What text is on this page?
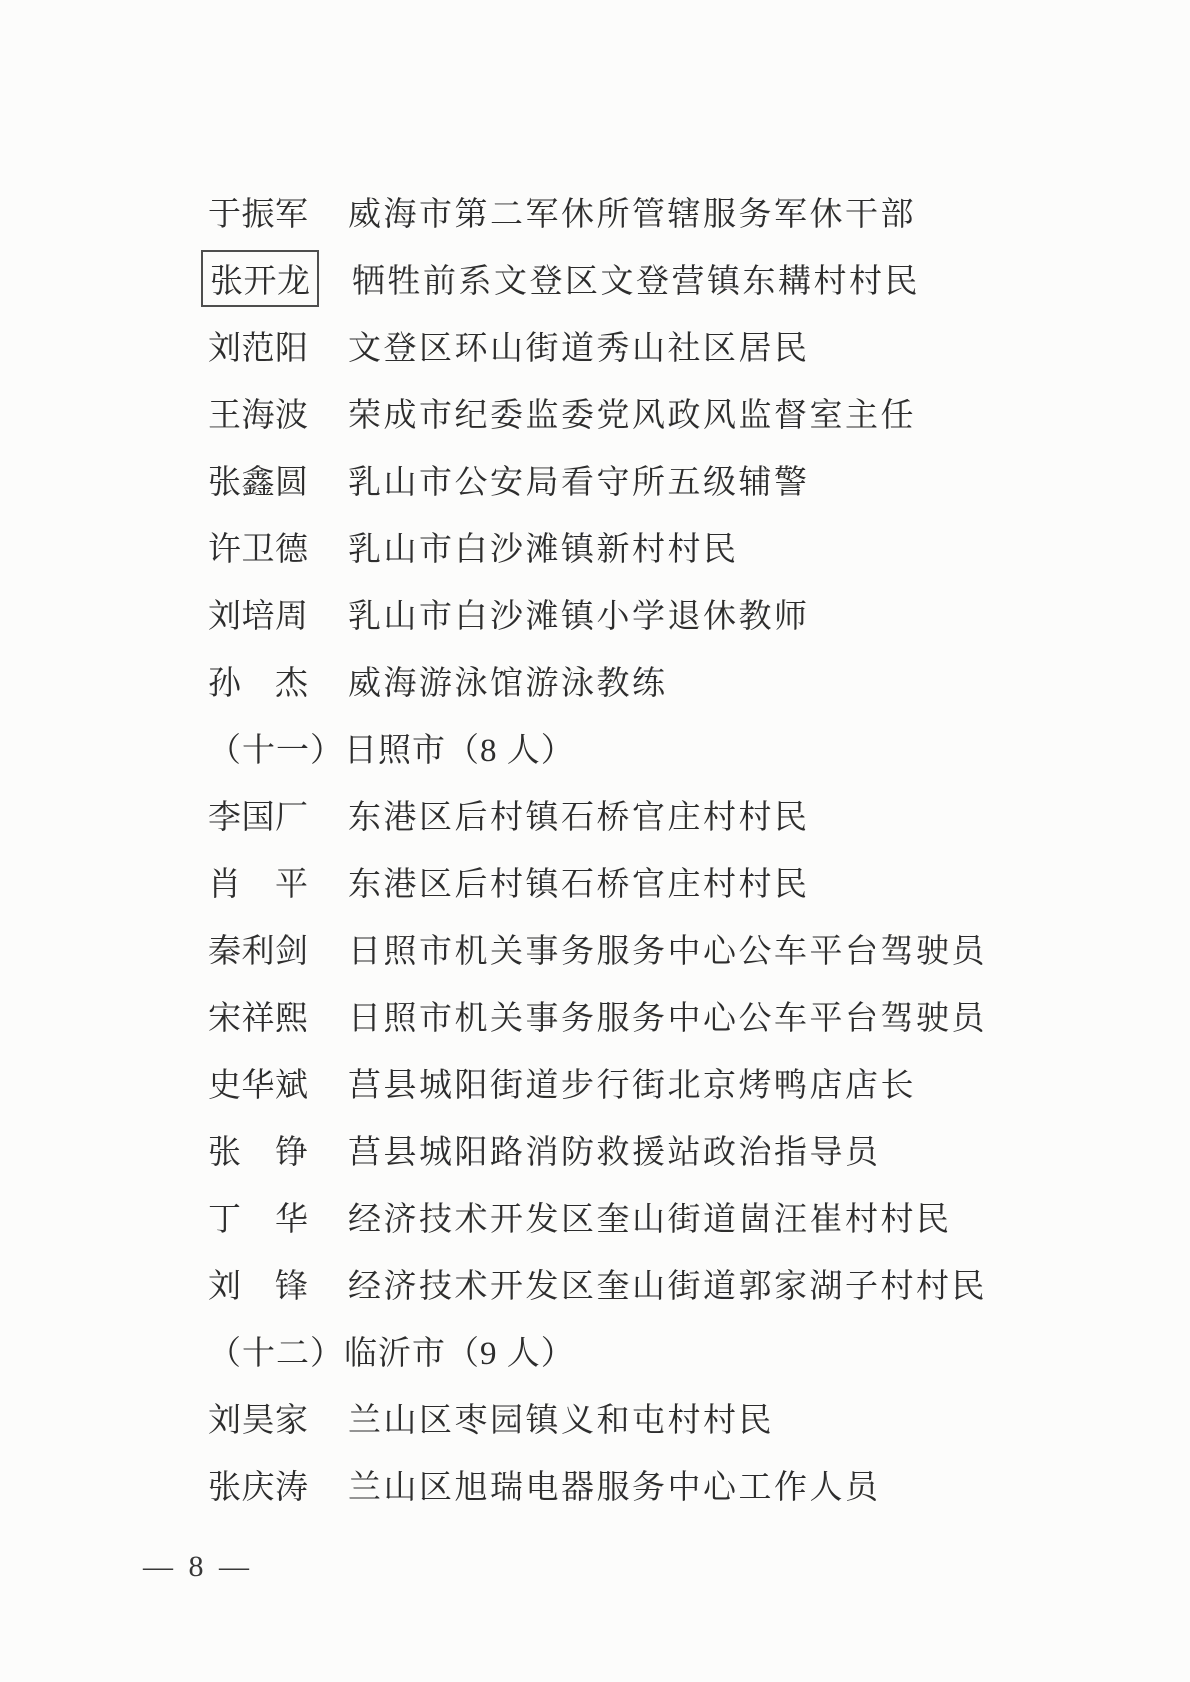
于 振 军 威海市第二军休所管辖服务军休干部
张 开 龙 牺牲前系文登区文登营镇东耩村村民
刘 范 阳 文登区环山街道秀山社区居民
王 海 波 荣成市纪委监委党风政风监督室主任
张 鑫 圆 乳山市公安局看守所五级辅警
许 卫 德 乳山市白沙滩镇新村村民
刘 培 周 乳山市白沙滩镇小学退休教师
孙 杰 威海游泳馆游泳教练
（十一）日照市（8 人）
李 国 厂 东港区后村镇石桥官庄村村民
肖 平 东港区后村镇石桥官庄村村民
秦 利 剑 日照市机关事务服务中心公车平台驾驶员
宋 祥 熙 日照市机关事务服务中心公车平台驾驶员
史 华 斌 莒县城阳街道步行街北京烤鸭店店长
张 铮 莒县城阳路消防救援站政治指导员
丁 华 经济技术开发区奎山街道崮汪崔村村民
刘 锋 经济技术开发区奎山街道郭家湖子村村民
（十二）临沂市（9 人）
刘 昊 家 兰山区枣园镇义和屯村村民
张 庆 涛 兰山区旭瑞电器服务中心工作人员
— 8 —
